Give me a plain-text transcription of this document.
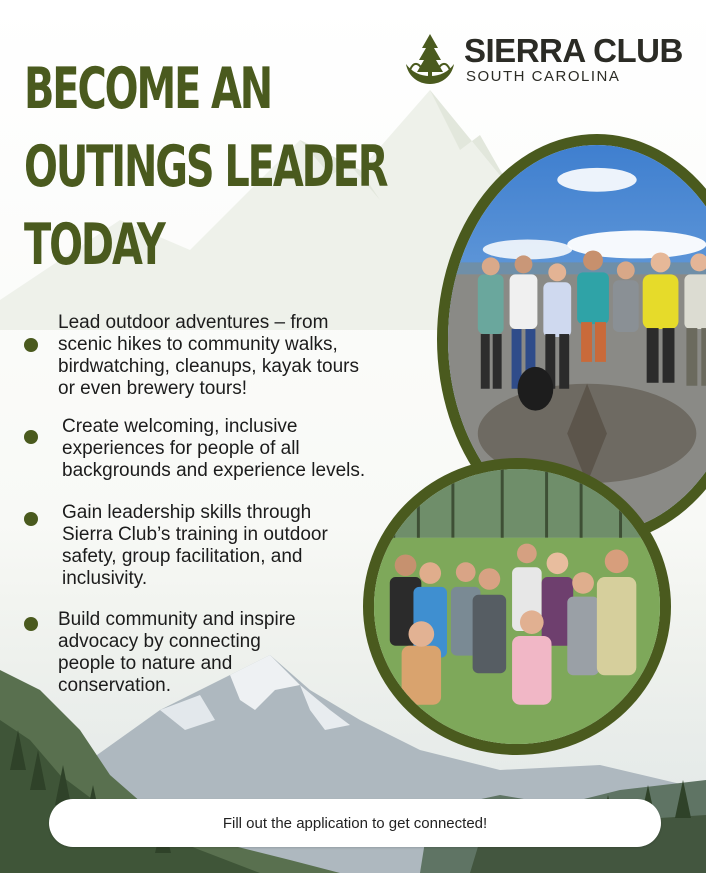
BECOME AN
OUTINGS LEADER
TODAY
SIERRA CLUB
SOUTH CAROLINA
Lead outdoor adventures – from
scenic hikes to community walks,
birdwatching, cleanups, kayak tours
or even brewery tours!
Create welcoming, inclusive
experiences for people of all
backgrounds and experience levels.
Gain leadership skills through
Sierra Club’s training in outdoor
safety, group facilitation, and
inclusivity.
Build community and inspire
advocacy by connecting
people to nature and
conservation.
Fill out the application to get connected!
